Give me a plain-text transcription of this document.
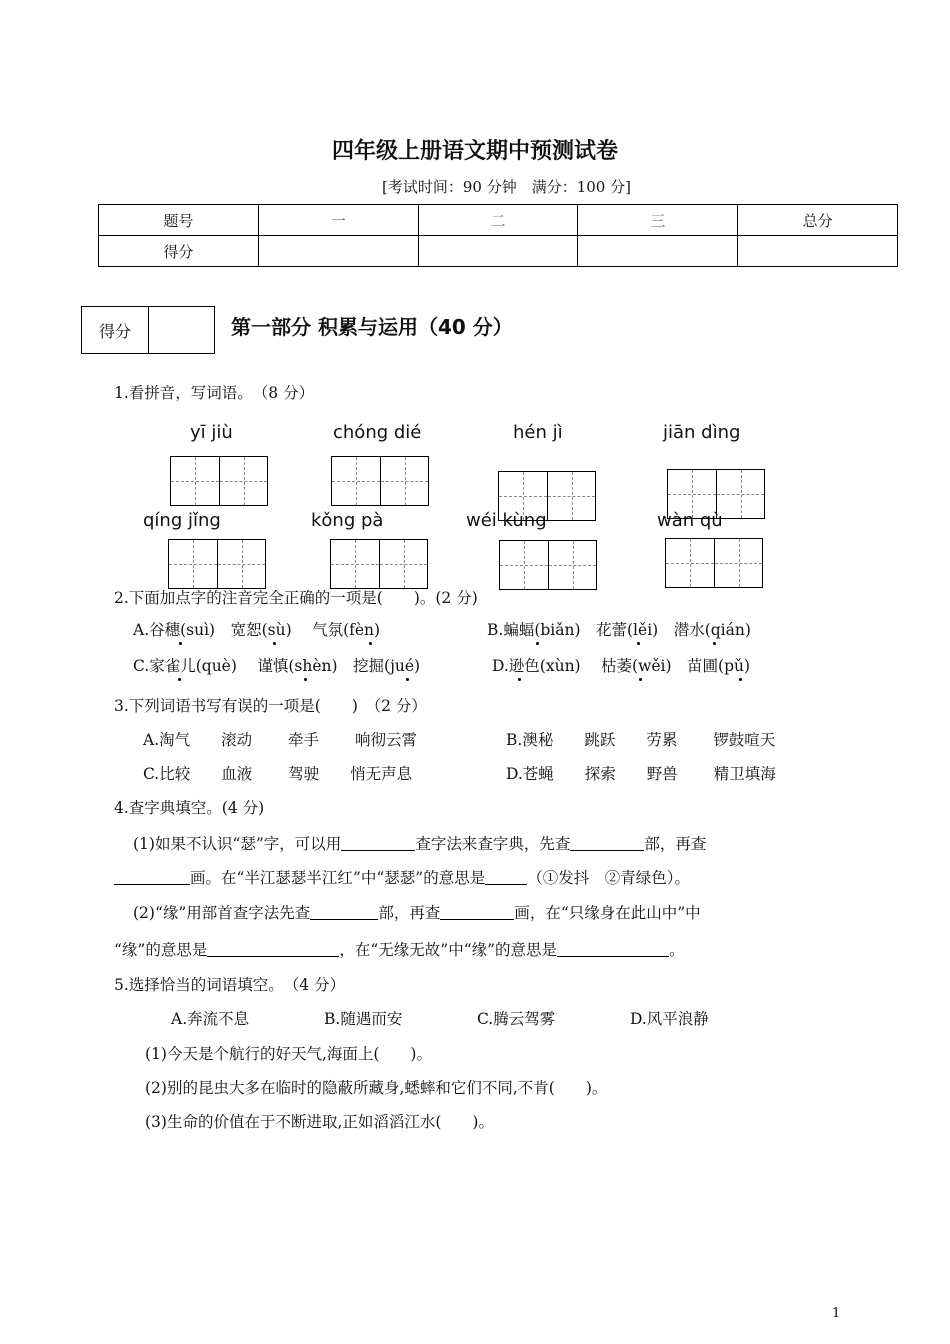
四年级上册语文期中预测试卷
[考试时间：90 分钟　满分：100 分]
题号	一	二	三	总分
得分				
得分	第一部分 积累与运用（40 分）
1.看拼音，写词语。　（8 分）
yī jiù	chóng dié	hén jì	jiān dìng
qíng jǐng	kǒng pà	wéi kùng	wàn qù
2.下面加点字的注音完全正确的一项是(　　)。(2 分)
A.谷穗(suì)　宽恕(sù)　 气氛(fèn)	B.蝙蝠(biǎn)　花蕾(lěi)　潜水(qián)
C.家雀儿(què)　 谨慎(shèn)　挖掘(jué)	D.逊色(xùn)　 枯萎(wěi)　苗圃(pǔ)
3.下列词语书写有误的一项是(　　)　（2 分）
A.淘气　　滚动　　 牵手　　 响彻云霄	B.澳秘　　跳跃　　劳累　　 锣鼓喧天
C.比较　　血液　　 驾驶　　悄无声息	D.苍蝇　　探索　　野兽　　 精卫填海
4.查字典填空。(4 分)
(1)如果不认识“瑟”字，可以用	查字法来查字典，先查	部，再查
画。在“半江瑟瑟半江红”中“瑟瑟”的意思是	（①发抖　②青绿色）。
(2)“缘”用部首查字法先查	部，再查	画，在“只缘身在此山中”中
“缘”的意思是	，在“无缘无故”中“缘”的意思是	。
5.选择恰当的词语填空。　（4 分）
A.奔流不息	B.随遇而安	C.腾云驾雾	D.风平浪静
(1)今天是个航行的好天气,海面上(　　)。
(2)别的昆虫大多在临时的隐蔽所藏身,蟋蟀和它们不同,不肯(　　)。
(3)生命的价值在于不断进取,正如滔滔江水(　　)。
1
